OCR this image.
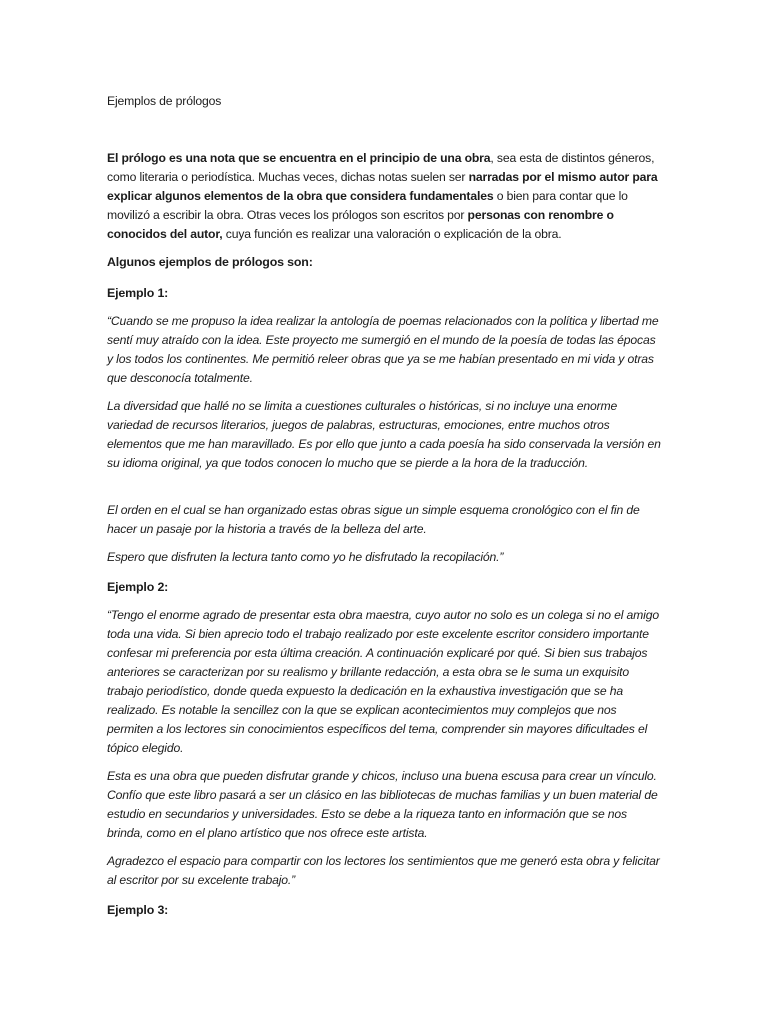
Ejemplos de prólogos

El prólogo es una nota que se encuentra en el principio de una obra, sea esta de distintos géneros, como literaria o periodística. Muchas veces, dichas notas suelen ser narradas por el mismo autor para explicar algunos elementos de la obra que considera fundamentales o bien para contar que lo movilizó a escribir la obra. Otras veces los prólogos son escritos por personas con renombre o conocidos del autor, cuya función es realizar una valoración o explicación de la obra.

Algunos ejemplos de prólogos son:

Ejemplo 1:

“Cuando se me propuso la idea realizar la antología de poemas relacionados con la política y libertad me sentí muy atraído con la idea. Este proyecto me sumergió en el mundo de la poesía de todas las épocas y los todos los continentes. Me permitió releer obras que ya se me habían presentado en mi vida y otras que desconocía totalmente.

La diversidad que hallé no se limita a cuestiones culturales o históricas, si no incluye una enorme variedad de recursos literarios, juegos de palabras, estructuras, emociones, entre muchos otros elementos que me han maravillado. Es por ello que junto a cada poesía ha sido conservada la versión en su idioma original, ya que todos conocen lo mucho que se pierde a la hora de la traducción.

El orden en el cual se han organizado estas obras sigue un simple esquema cronológico con el fin de hacer un pasaje por la historia a través de la belleza del arte.

Espero que disfruten la lectura tanto como yo he disfrutado la recopilación.”

Ejemplo 2:

“Tengo el enorme agrado de presentar esta obra maestra, cuyo autor no solo es un colega si no el amigo toda una vida. Si bien aprecio todo el trabajo realizado por este excelente escritor considero importante confesar mi preferencia por esta última creación. A continuación explicaré por qué. Si bien sus trabajos anteriores se caracterizan por su realismo y brillante redacción, a esta obra se le suma un exquisito trabajo periodístico, donde queda expuesto la dedicación en la exhaustiva investigación que se ha realizado. Es notable la sencillez con la que se explican acontecimientos muy complejos que nos permiten a los lectores sin conocimientos específicos del tema, comprender sin mayores dificultades el tópico elegido.

Esta es una obra que pueden disfrutar grande y chicos, incluso una buena escusa para crear un vínculo. Confío que este libro pasará a ser un clásico en las bibliotecas de muchas familias y un buen material de estudio en secundarios y universidades. Esto se debe a la riqueza tanto en información que se nos brinda, como en el plano artístico que nos ofrece este artista.

Agradezco el espacio para compartir con los lectores los sentimientos que me generó esta obra y felicitar al escritor por su excelente trabajo.”

Ejemplo 3:
